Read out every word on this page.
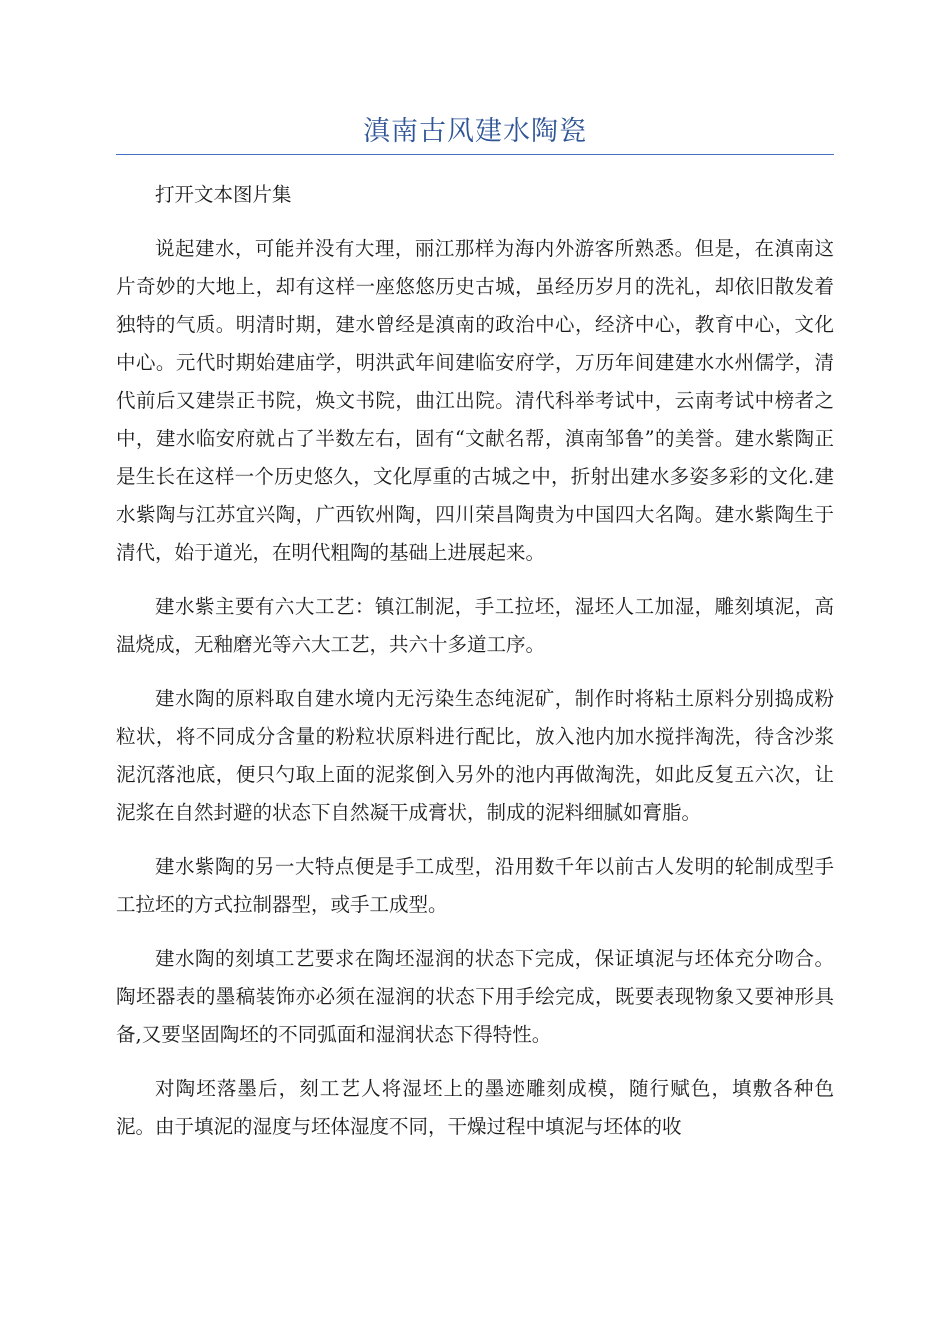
滇南古风建水陶瓷

打开文本图片集

说起建水，可能并没有大理，丽江那样为海内外游客所熟悉。但是，在滇南这片奇妙的大地上，却有这样一座悠悠历史古城，虽经历岁月的洗礼，却依旧散发着独特的气质。明清时期，建水曾经是滇南的政治中心，经济中心，教育中心，文化中心。元代时期始建庙学，明洪武年间建临安府学，万历年间建建水水州儒学，清代前后又建崇正书院，焕文书院，曲江出院。清代科举考试中，云南考试中榜者之中，建水临安府就占了半数左右，固有“文献名帮，滇南邹鲁”的美誉。建水紫陶正是生长在这样一个历史悠久，文化厚重的古城之中，折射出建水多姿多彩的文化.建水紫陶与江苏宜兴陶，广西钦州陶，四川荣昌陶贵为中国四大名陶。建水紫陶生于清代，始于道光，在明代粗陶的基础上进展起来。

建水紫主要有六大工艺：镇江制泥，手工拉坯，湿坯人工加湿，雕刻填泥，高温烧成，无釉磨光等六大工艺，共六十多道工序。

建水陶的原料取自建水境内无污染生态纯泥矿，制作时将粘土原料分别捣成粉粒状，将不同成分含量的粉粒状原料进行配比，放入池内加水搅拌淘洗，待含沙浆泥沉落池底，便只勺取上面的泥浆倒入另外的池内再做淘洗，如此反复五六次，让泥浆在自然封避的状态下自然凝干成膏状，制成的泥料细腻如膏脂。

建水紫陶的另一大特点便是手工成型，沿用数千年以前古人发明的轮制成型手工拉坯的方式拉制器型，或手工成型。

建水陶的刻填工艺要求在陶坯湿润的状态下完成，保证填泥与坯体充分吻合。陶坯器表的墨稿装饰亦必须在湿润的状态下用手绘完成，既要表现物象又要神形具备,又要坚固陶坯的不同弧面和湿润状态下得特性。

对陶坯落墨后，刻工艺人将湿坯上的墨迹雕刻成模，随行赋色，填敷各种色泥。由于填泥的湿度与坯体湿度不同，干燥过程中填泥与坯体的收
